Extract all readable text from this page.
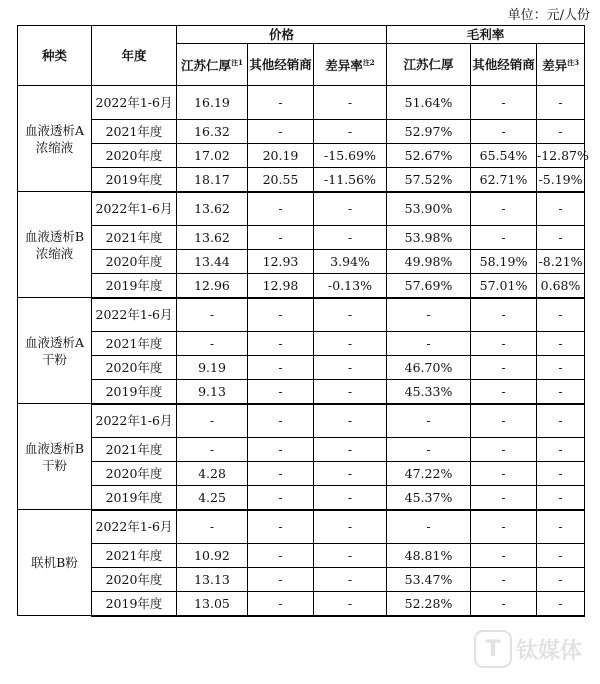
单位：元/人份
种类	年度	价格			毛利率		
		江苏仁厚$^{注1}$	其他经销商	差异率$^{注2}$	江苏仁厚	其他经销商	差异$^{注3}$
血液透析A浓缩液	2022年1-6月	16.19	-	-	51.64%	-	-
	2021年度	16.32	-	-	52.97%	-	-
	2020年度	17.02	20.19	-15.69%	52.67%	65.54%	-12.87%
	2019年度	18.17	20.55	-11.56%	57.52%	62.71%	-5.19%
血液透析B浓缩液	2022年1-6月	13.62	-	-	53.90%	-	-
	2021年度	13.62	-	-	53.98%	-	-
	2020年度	13.44	12.93	3.94%	49.98%	58.19%	-8.21%
	2019年度	12.96	12.98	-0.13%	57.69%	57.01%	0.68%
血液透析A干粉	2022年1-6月	-	-	-	-	-	-
	2021年度	-	-	-	-	-	-
	2020年度	9.19	-	-	46.70%	-	-
	2019年度	9.13	-	-	45.33%	-	-
血液透析B干粉	2022年1-6月	-	-	-	-	-	-
	2021年度	-	-	-	-	-	-
	2020年度	4.28	-	-	47.22%	-	-
	2019年度	4.25	-	-	45.37%	-	-
联机B粉	2022年1-6月	-	-	-	-	-	-
	2021年度	10.92	-	-	48.81%	-	-
	2020年度	13.13	-	-	53.47%	-	-
	2019年度	13.05	-	-	52.28%	-	-
T 钛媒体
